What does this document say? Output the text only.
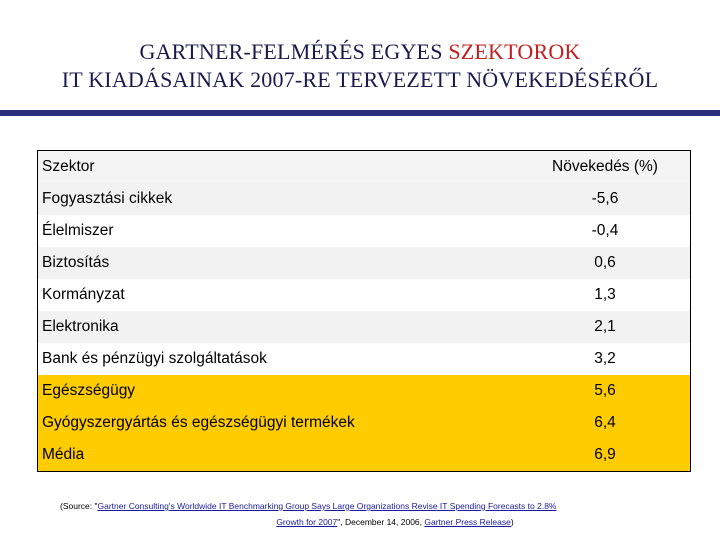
GARTNER-FELMÉRÉS EGYES SZEKTOROK
IT KIADÁSAINAK 2007-RE TERVEZETT NÖVEKEDÉSÉRŐL
Szektor	Növekedés (%)
Fogyasztási cikkek	-5,6
Élelmiszer	-0,4
Biztosítás	0,6
Kormányzat	1,3
Elektronika	2,1
Bank és pénzügyi szolgáltatások	3,2
Egészségügy	5,6
Gyógyszergyártás és egészségügyi termékek	6,4
Média	6,9
(Source: "Gartner Consulting's Worldwide IT Benchmarking Group Says Large Organizations Revise IT Spending Forecasts to 2.8%
Growth for 2007", December 14, 2006, Gartner Press Release)
